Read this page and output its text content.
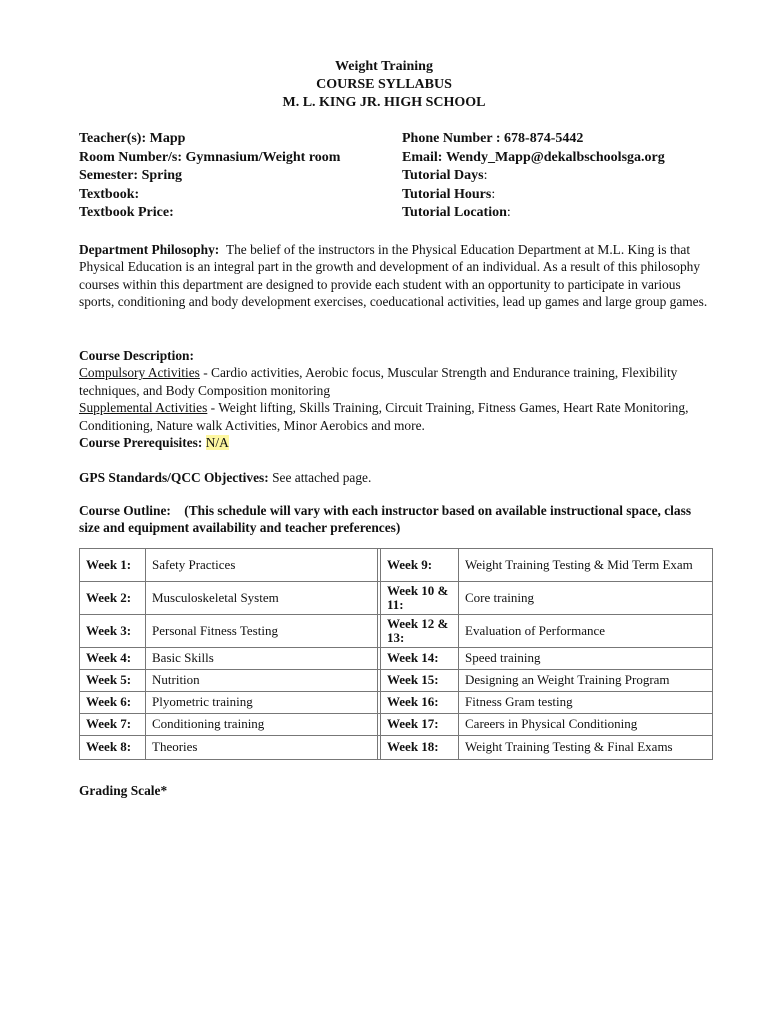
Weight Training
COURSE SYLLABUS
M. L. KING JR. HIGH SCHOOL
Teacher(s): Mapp	Phone Number : 678-874-5442
Room Number/s: Gymnasium/Weight room	Email: Wendy_Mapp@dekalbschoolsga.org
Semester: Spring	Tutorial Days:
Textbook:	Tutorial Hours:
Textbook Price:	Tutorial Location:
Department Philosophy: The belief of the instructors in the Physical Education Department at M.L. King is that Physical Education is an integral part in the growth and development of an individual. As a result of this philosophy courses within this department are designed to provide each student with an opportunity to participate in various sports, conditioning and body development exercises, coeducational activities, lead up games and large group games.
Course Description:
Compulsory Activities - Cardio activities, Aerobic focus, Muscular Strength and Endurance training, Flexibility techniques, and Body Composition monitoring
Supplemental Activities - Weight lifting, Skills Training, Circuit Training, Fitness Games, Heart Rate Monitoring, Conditioning, Nature walk Activities, Minor Aerobics and more.
Course Prerequisites: N/A
GPS Standards/QCC Objectives: See attached page.
Course Outline: (This schedule will vary with each instructor based on available instructional space, class size and equipment availability and teacher preferences)
Week 1:	Safety Practices		Week 9:	Weight Training Testing & Mid Term Exam
Week 2:	Musculoskeletal System		Week 10 & 11:	Core training
Week 3:	Personal Fitness Testing		Week 12 & 13:	Evaluation of Performance
Week 4:	Basic Skills		Week 14:	Speed training
Week 5:	Nutrition		Week 15:	Designing an Weight Training Program
Week 6:	Plyometric training		Week 16:	Fitness Gram testing
Week 7:	Conditioning training		Week 17:	Careers in Physical Conditioning
Week 8:	Theories		Week 18:	Weight Training Testing & Final Exams
Grading Scale*
